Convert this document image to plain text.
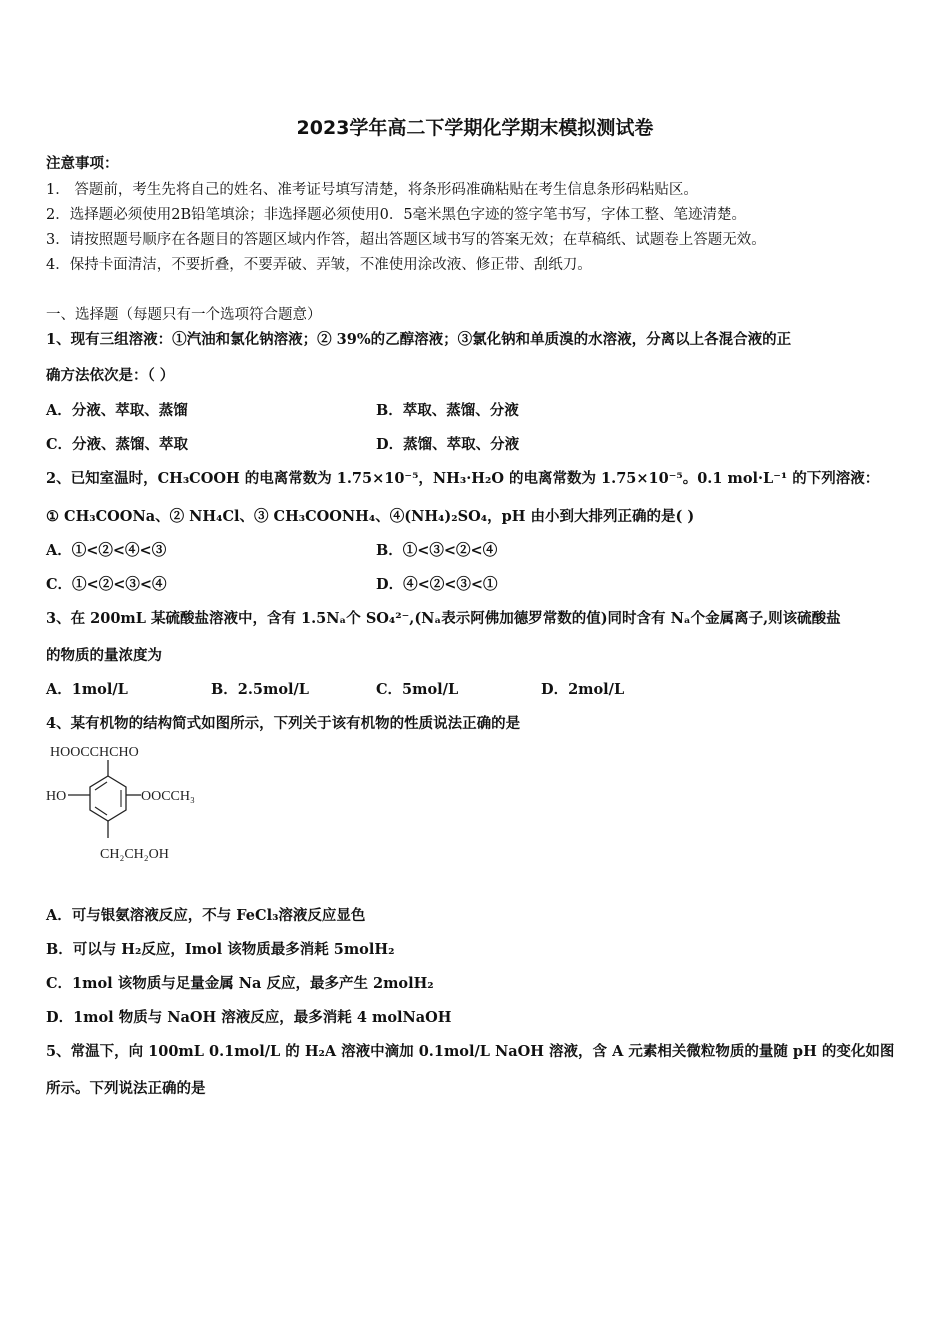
2023学年高二下学期化学期末模拟测试卷
注意事项：
1． 答题前，考生先将自己的姓名、准考证号填写清楚，将条形码准确粘贴在考生信息条形码粘贴区。
2．选择题必须使用2B铅笔填涂；非选择题必须使用0．5毫米黑色字迹的签字笔书写，字体工整、笔迹清楚。
3．请按照题号顺序在各题目的答题区域内作答，超出答题区域书写的答案无效；在草稿纸、试题卷上答题无效。
4．保持卡面清洁，不要折叠，不要弄破、弄皱，不准使用涂改液、修正带、刮纸刀。
一、选择题（每题只有一个选项符合题意）
1、现有三组溶液：①汽油和氯化钠溶液；② 39%的乙醇溶液；③氯化钠和单质溴的水溶液，分离以上各混合液的正
确方法依次是：（ ）
A．分液、萃取、蒸馏	B．萃取、蒸馏、分液
C．分液、蒸馏、萃取	D．蒸馏、萃取、分液
2、已知室温时，CH₃COOH 的电离常数为 1.75×10⁻⁵，NH₃·H₂O 的电离常数为 1.75×10⁻⁵。0.1 mol·L⁻¹ 的下列溶液：
① CH₃COONa、② NH₄Cl、③ CH₃COONH₄、④(NH₄)₂SO₄，pH 由小到大排列正确的是( )
A．①<②<④<③	B．①<③<②<④
C．①<②<③<④	D．④<②<③<①
3、在 200mL 某硫酸盐溶液中，含有 1.5Nₐ个 SO₄²⁻,(Nₐ表示阿佛加德罗常数的值)同时含有 Nₐ个金属离子,则该硫酸盐
的物质的量浓度为
A．1mol/L	B．2.5mol/L	C．5mol/L	D．2mol/L
4、某有机物的结构简式如图所示，下列关于该有机物的性质说法正确的是
HOOCCHCHO
HO	OOCCH₃
CH₂CH₂OH
A．可与银氨溶液反应，不与 FeCl₃溶液反应显色
B．可以与 H₂反应，Imol 该物质最多消耗 5molH₂
C．1mol 该物质与足量金属 Na 反应，最多产生 2molH₂
D．1mol 物质与 NaOH 溶液反应，最多消耗 4 molNaOH
5、常温下，向 100mL 0.1mol/L 的 H₂A 溶液中滴加 0.1mol/L NaOH 溶液，含 A 元素相关微粒物质的量随 pH 的变化如图
所示。下列说法正确的是
